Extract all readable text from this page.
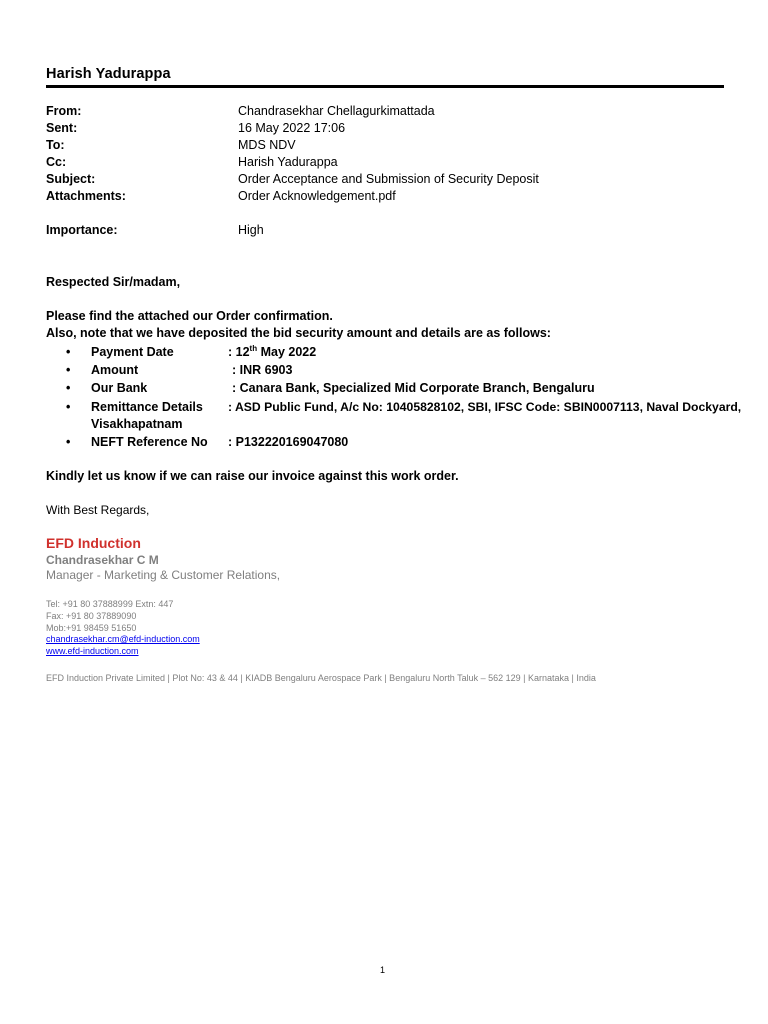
Harish Yadurappa
From:	Chandrasekhar Chellagurkimattada
Sent:	16 May 2022 17:06
To:	MDS NDV
Cc:	Harish Yadurappa
Subject:	Order Acceptance and Submission of Security Deposit
Attachments:	Order Acknowledgement.pdf
Importance:	High
Respected Sir/madam,
Please find the attached our Order confirmation.
Also, note that we have deposited the bid security amount and details are as follows:
• Payment Date	: 12th May 2022
• Amount	: INR 6903
• Our Bank	: Canara Bank, Specialized Mid Corporate Branch, Bengaluru
• Remittance Details : ASD Public Fund, A/c No: 10405828102, SBI, IFSC Code: SBIN0007113, Naval Dockyard,
Visakhapatnam
• NEFT Reference No : P132220169047080
Kindly let us know if we can raise our invoice against this work order.
With Best Regards,
EFD Induction
Chandrasekhar C M
Manager - Marketing & Customer Relations,
Tel: +91 80 37888999 Extn: 447
Fax: +91 80 37889090
Mob:+91 98459 51650
chandrasekhar.cm@efd-induction.com
www.efd-induction.com
EFD Induction Private Limited | Plot No: 43 & 44 | KIADB Bengaluru Aerospace Park | Bengaluru North Taluk – 562 129 | Karnataka | India
1
